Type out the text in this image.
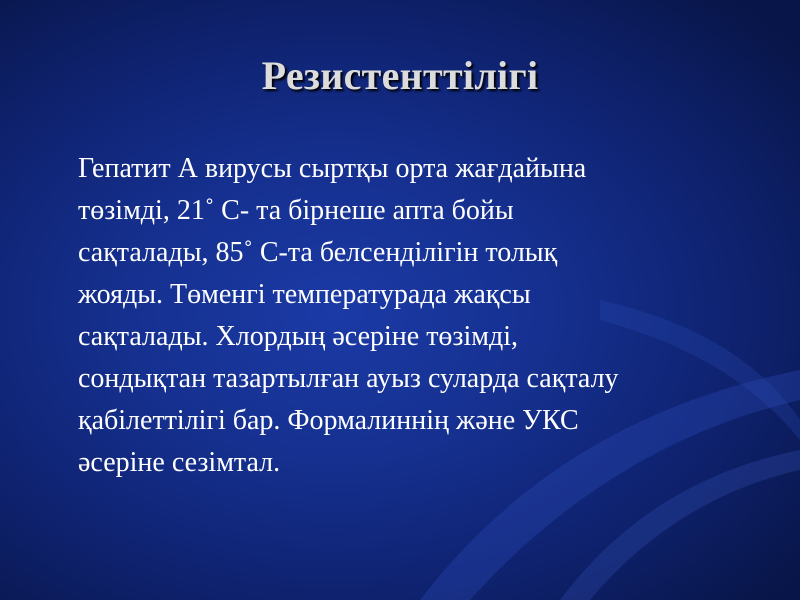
Резистенттілігі

Гепатит А вирусы сыртқы орта жағдайына
төзімді, 21˚ С- та бірнеше апта бойы
сақталады, 85˚ С-та белсенділігін толық
жояды. Төменгі температурада жақсы
сақталады. Хлордың әсеріне төзімді,
сондықтан тазартылған ауыз суларда сақталу
қабілеттілігі бар. Формалиннің және УКС
әсеріне сезімтал.
